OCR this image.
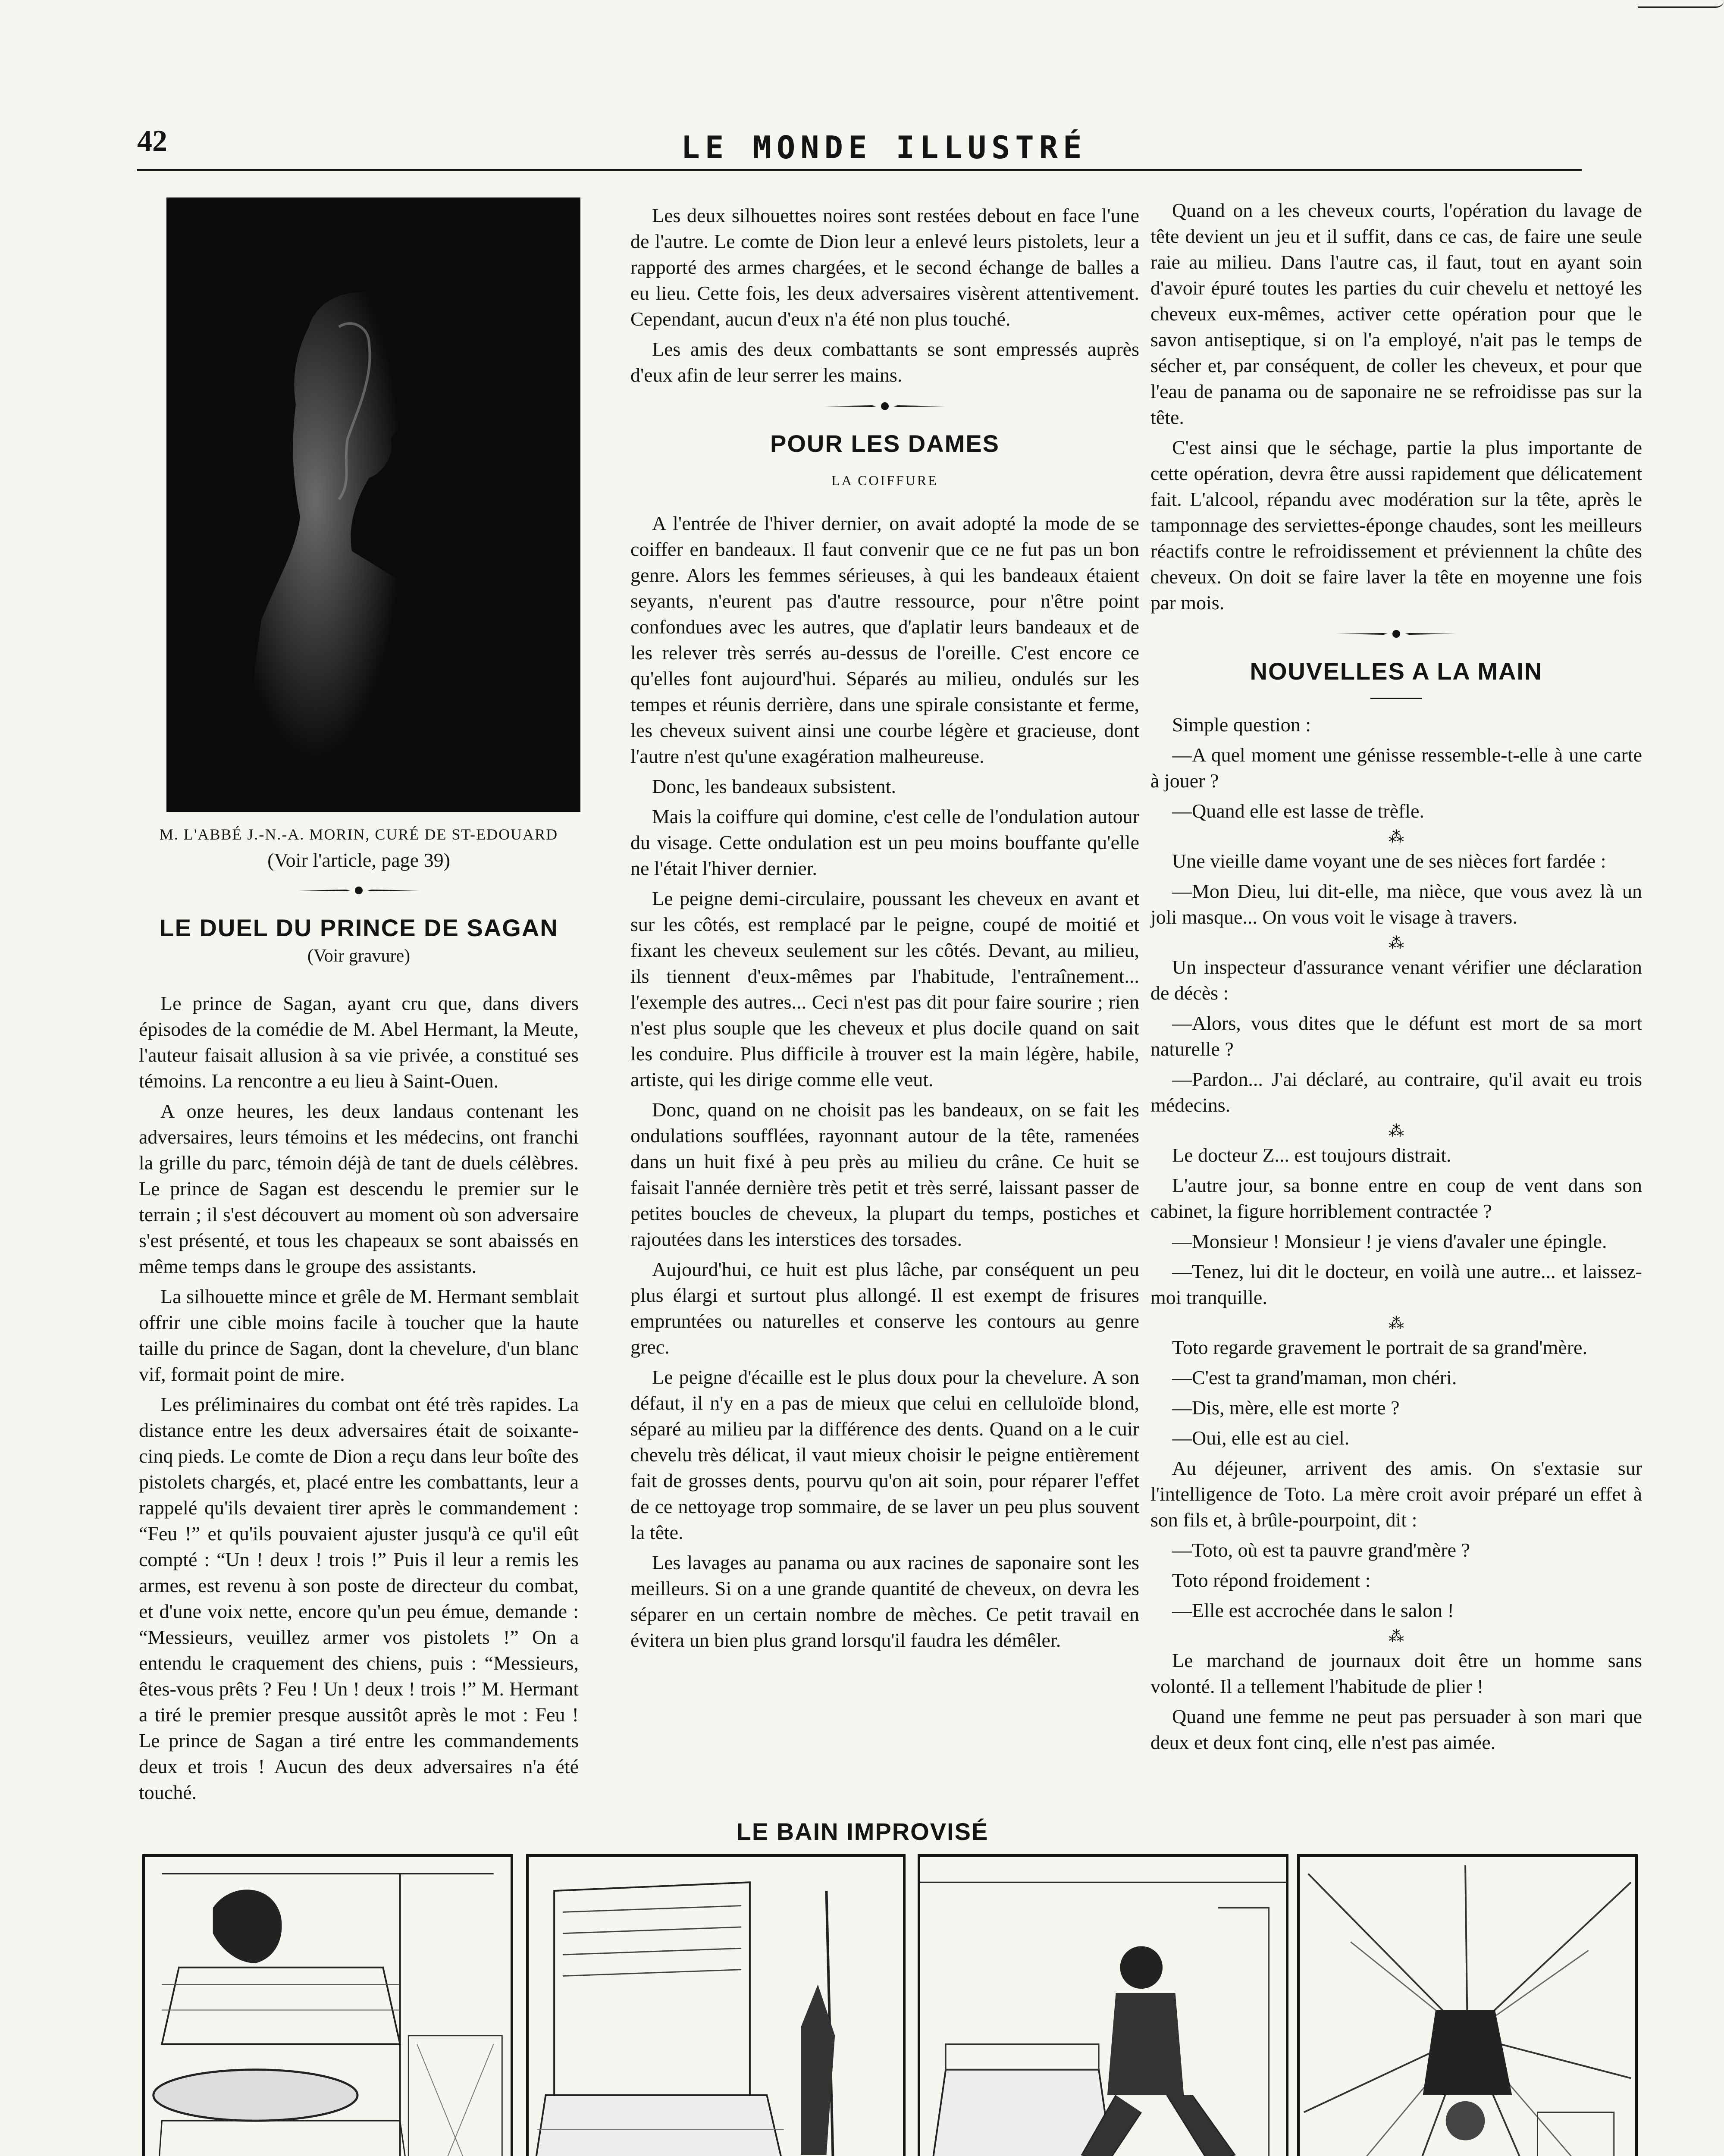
42	LE MONDE ILLUSTRÉ
M. L'ABBÉ J.-N.-A. MORIN, CURÉ DE ST-EDOUARD
(Voir l'article, page 39)
LE DUEL DU PRINCE DE SAGAN
(Voir gravure)

Le prince de Sagan, ayant cru que, dans divers épisodes de la comédie de M. Abel Hermant, la Meute, l'auteur faisait allusion à sa vie privée, a constitué ses témoins. La rencontre a eu lieu à Saint-Ouen.

A onze heures, les deux landaus contenant les adversaires, leurs témoins et les médecins, ont franchi la grille du parc, témoin déjà de tant de duels célèbres. Le prince de Sagan est descendu le premier sur le terrain ; il s'est découvert au moment où son adversaire s'est présenté, et tous les chapeaux se sont abaissés en même temps dans le groupe des assistants.

La silhouette mince et grêle de M. Hermant semblait offrir une cible moins facile à toucher que la haute taille du prince de Sagan, dont la chevelure, d'un blanc vif, formait point de mire.

Les préliminaires du combat ont été très rapides. La distance entre les deux adversaires était de soixante-cinq pieds. Le comte de Dion a reçu dans leur boîte des pistolets chargés, et, placé entre les combattants, leur a rappelé qu'ils devaient tirer après le commandement : “Feu !” et qu'ils pouvaient ajuster jusqu'à ce qu'il eût compté : “Un ! deux ! trois !” Puis il leur a remis les armes, est revenu à son poste de directeur du combat, et d'une voix nette, encore qu'un peu émue, demande : “Messieurs, veuillez armer vos pistolets !” On a entendu le craquement des chiens, puis : “Messieurs, êtes-vous prêts ? Feu ! Un ! deux ! trois !” M. Hermant a tiré le premier presque aussitôt après le mot : Feu ! Le prince de Sagan a tiré entre les commandements deux et trois ! Aucun des deux adversaires n'a été touché.

Les deux silhouettes noires sont restées debout en face l'une de l'autre. Le comte de Dion leur a enlevé leurs pistolets, leur a rapporté des armes chargées, et le second échange de balles a eu lieu. Cette fois, les deux adversaires visèrent attentivement. Cependant, aucun d'eux n'a été non plus touché.

Les amis des deux combattants se sont empressés auprès d'eux afin de leur serrer les mains.

POUR LES DAMES
LA COIFFURE

A l'entrée de l'hiver dernier, on avait adopté la mode de se coiffer en bandeaux. Il faut convenir que ce ne fut pas un bon genre. Alors les femmes sérieuses, à qui les bandeaux étaient seyants, n'eurent pas d'autre ressource, pour n'être point confondues avec les autres, que d'aplatir leurs bandeaux et de les relever très serrés au-dessus de l'oreille. C'est encore ce qu'elles font aujourd'hui. Séparés au milieu, ondulés sur les tempes et réunis derrière, dans une spirale consistante et ferme, les cheveux suivent ainsi une courbe légère et gracieuse, dont l'autre n'est qu'une exagération malheureuse.

Donc, les bandeaux subsistent.

Mais la coiffure qui domine, c'est celle de l'ondulation autour du visage. Cette ondulation est un peu moins bouffante qu'elle ne l'était l'hiver dernier.

Le peigne demi-circulaire, poussant les cheveux en avant et sur les côtés, est remplacé par le peigne, coupé de moitié et fixant les cheveux seulement sur les côtés. Devant, au milieu, ils tiennent d'eux-mêmes par l'habitude, l'entraînement... l'exemple des autres... Ceci n'est pas dit pour faire sourire ; rien n'est plus souple que les cheveux et plus docile quand on sait les conduire. Plus difficile à trouver est la main légère, habile, artiste, qui les dirige comme elle veut.

Donc, quand on ne choisit pas les bandeaux, on se fait les ondulations soufflées, rayonnant autour de la tête, ramenées dans un huit fixé à peu près au milieu du crâne. Ce huit se faisait l'année dernière très petit et très serré, laissant passer de petites boucles de cheveux, la plupart du temps, postiches et rajoutées dans les interstices des torsades.

Aujourd'hui, ce huit est plus lâche, par conséquent un peu plus élargi et surtout plus allongé. Il est exempt de frisures empruntées ou naturelles et conserve les contours au genre grec.

Le peigne d'écaille est le plus doux pour la chevelure. A son défaut, il n'y en a pas de mieux que celui en celluloïde blond, séparé au milieu par la différence des dents. Quand on a le cuir chevelu très délicat, il vaut mieux choisir le peigne entièrement fait de grosses dents, pourvu qu'on ait soin, pour réparer l'effet de ce nettoyage trop sommaire, de se laver un peu plus souvent la tête.

Les lavages au panama ou aux racines de saponaire sont les meilleurs. Si on a une grande quantité de cheveux, on devra les séparer en un certain nombre de mèches. Ce petit travail en évitera un bien plus grand lorsqu'il faudra les démêler.

Quand on a les cheveux courts, l'opération du lavage de tête devient un jeu et il suffit, dans ce cas, de faire une seule raie au milieu. Dans l'autre cas, il faut, tout en ayant soin d'avoir épuré toutes les parties du cuir chevelu et nettoyé les cheveux eux-mêmes, activer cette opération pour que le savon antiseptique, si on l'a employé, n'ait pas le temps de sécher et, par conséquent, de coller les cheveux, et pour que l'eau de panama ou de saponaire ne se refroidisse pas sur la tête.

C'est ainsi que le séchage, partie la plus importante de cette opération, devra être aussi rapidement que délicatement fait. L'alcool, répandu avec modération sur la tête, après le tamponnage des serviettes-éponge chaudes, sont les meilleurs réactifs contre le refroidissement et préviennent la chûte des cheveux. On doit se faire laver la tête en moyenne une fois par mois.

NOUVELLES A LA MAIN

Simple question :

—A quel moment une génisse ressemble-t-elle à une carte à jouer ?

—Quand elle est lasse de trèfle.

⁂

Une vieille dame voyant une de ses nièces fort fardée :

—Mon Dieu, lui dit-elle, ma nièce, que vous avez là un joli masque... On vous voit le visage à travers.

⁂

Un inspecteur d'assurance venant vérifier une déclaration de décès :

—Alors, vous dites que le défunt est mort de sa mort naturelle ?

—Pardon... J'ai déclaré, au contraire, qu'il avait eu trois médecins.

⁂

Le docteur Z... est toujours distrait.

L'autre jour, sa bonne entre en coup de vent dans son cabinet, la figure horriblement contractée ?

—Monsieur ! Monsieur ! je viens d'avaler une épingle.

—Tenez, lui dit le docteur, en voilà une autre... et laissez-moi tranquille.

⁂

Toto regarde gravement le portrait de sa grand'mère.

—C'est ta grand'maman, mon chéri.

—Dis, mère, elle est morte ?

—Oui, elle est au ciel.

Au déjeuner, arrivent des amis. On s'extasie sur l'intelligence de Toto. La mère croit avoir préparé un effet à son fils et, à brûle-pourpoint, dit :

—Toto, où est ta pauvre grand'mère ?

Toto répond froidement :

—Elle est accrochée dans le salon !

⁂

Le marchand de journaux doit être un homme sans volonté. Il a tellement l'habitude de plier !

Quand une femme ne peut pas persuader à son mari que deux et deux font cinq, elle n'est pas aimée.

LE BAIN IMPROVISÉ
